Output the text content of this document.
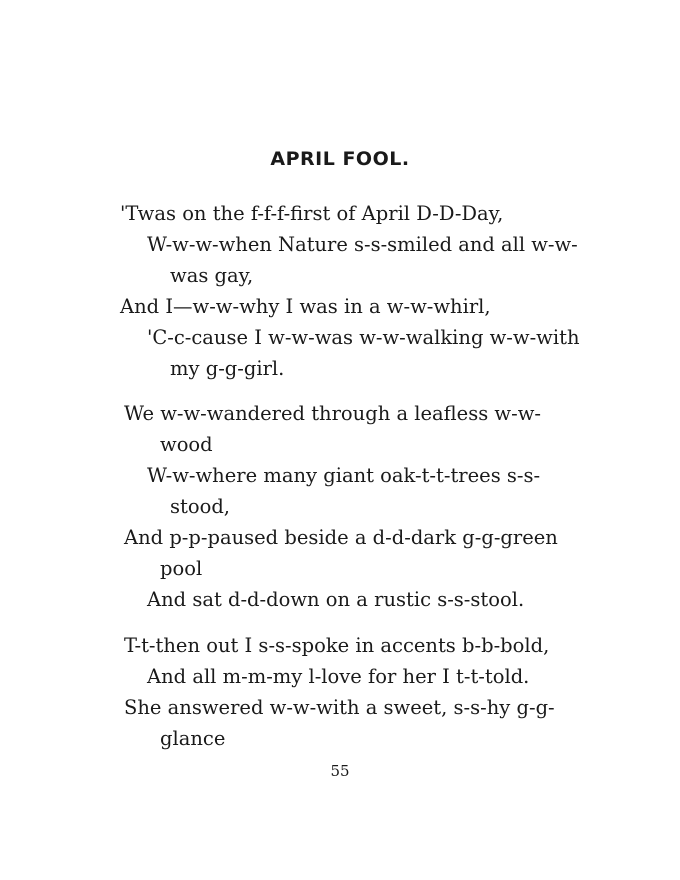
APRIL FOOL.
'Twas on the f-f-f-first of April D-D-Day,
W-w-w-when Nature s-s-smiled and all w-w-
was gay,
And I—w-w-why I was in a w-w-whirl,
'C-c-cause I w-w-was w-w-walking w-w-with
my g-g-girl.
We w-w-wandered through a leafless w-w-
wood
W-w-where many giant oak-t-t-trees s-s-
stood,
And p-p-paused beside a d-d-dark g-g-green
pool
And sat d-d-down on a rustic s-s-stool.
T-t-then out I s-s-spoke in accents b-b-bold,
And all m-m-my l-love for her I t-t-told.
She answered w-w-with a sweet, s-s-hy g-g-
glance
55
